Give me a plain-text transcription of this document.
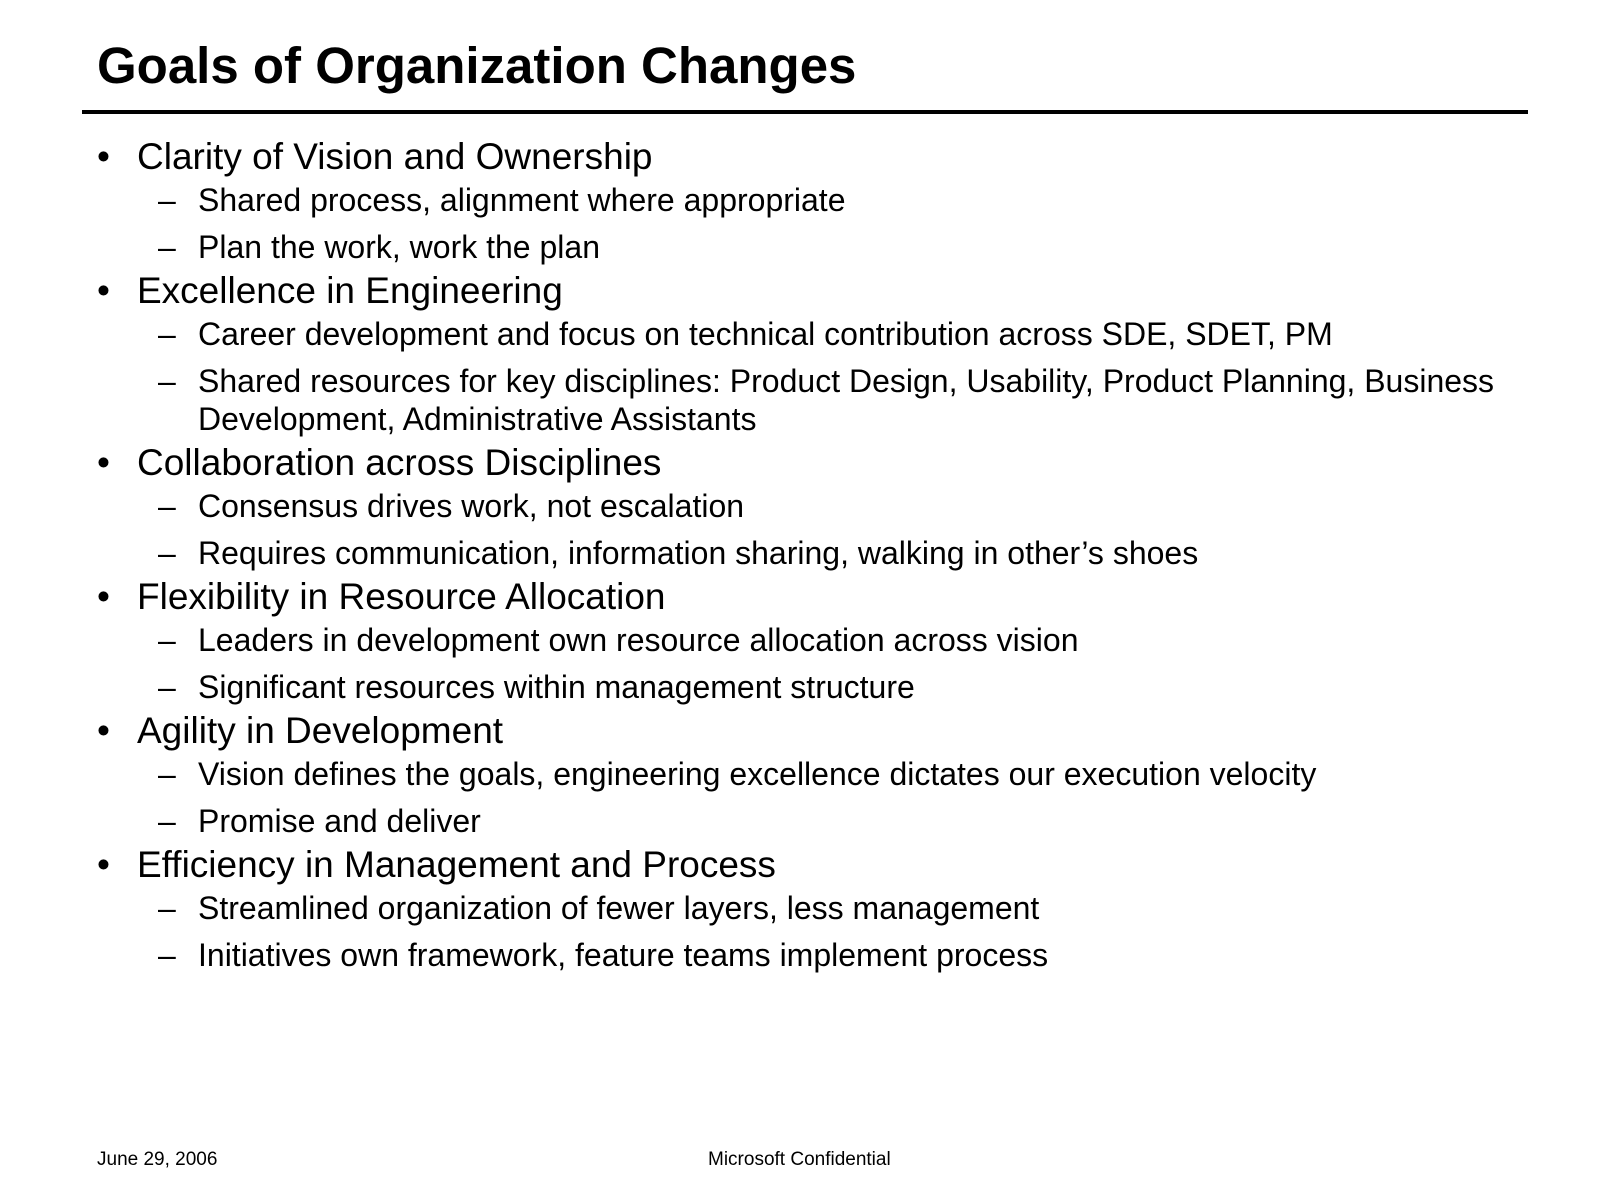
Goals of Organization Changes
• Clarity of Vision and Ownership
– Shared process, alignment where appropriate
– Plan the work, work the plan
• Excellence in Engineering
– Career development and focus on technical contribution across SDE, SDET, PM
– Shared resources for key disciplines: Product Design, Usability, Product Planning, Business Development, Administrative Assistants
• Collaboration across Disciplines
– Consensus drives work, not escalation
– Requires communication, information sharing, walking in other’s shoes
• Flexibility in Resource Allocation
– Leaders in development own resource allocation across vision
– Significant resources within management structure
• Agility in Development
– Vision defines the goals, engineering excellence dictates our execution velocity
– Promise and deliver
• Efficiency in Management and Process
– Streamlined organization of fewer layers, less management
– Initiatives own framework, feature teams implement process
June 29, 2006	Microsoft Confidential
